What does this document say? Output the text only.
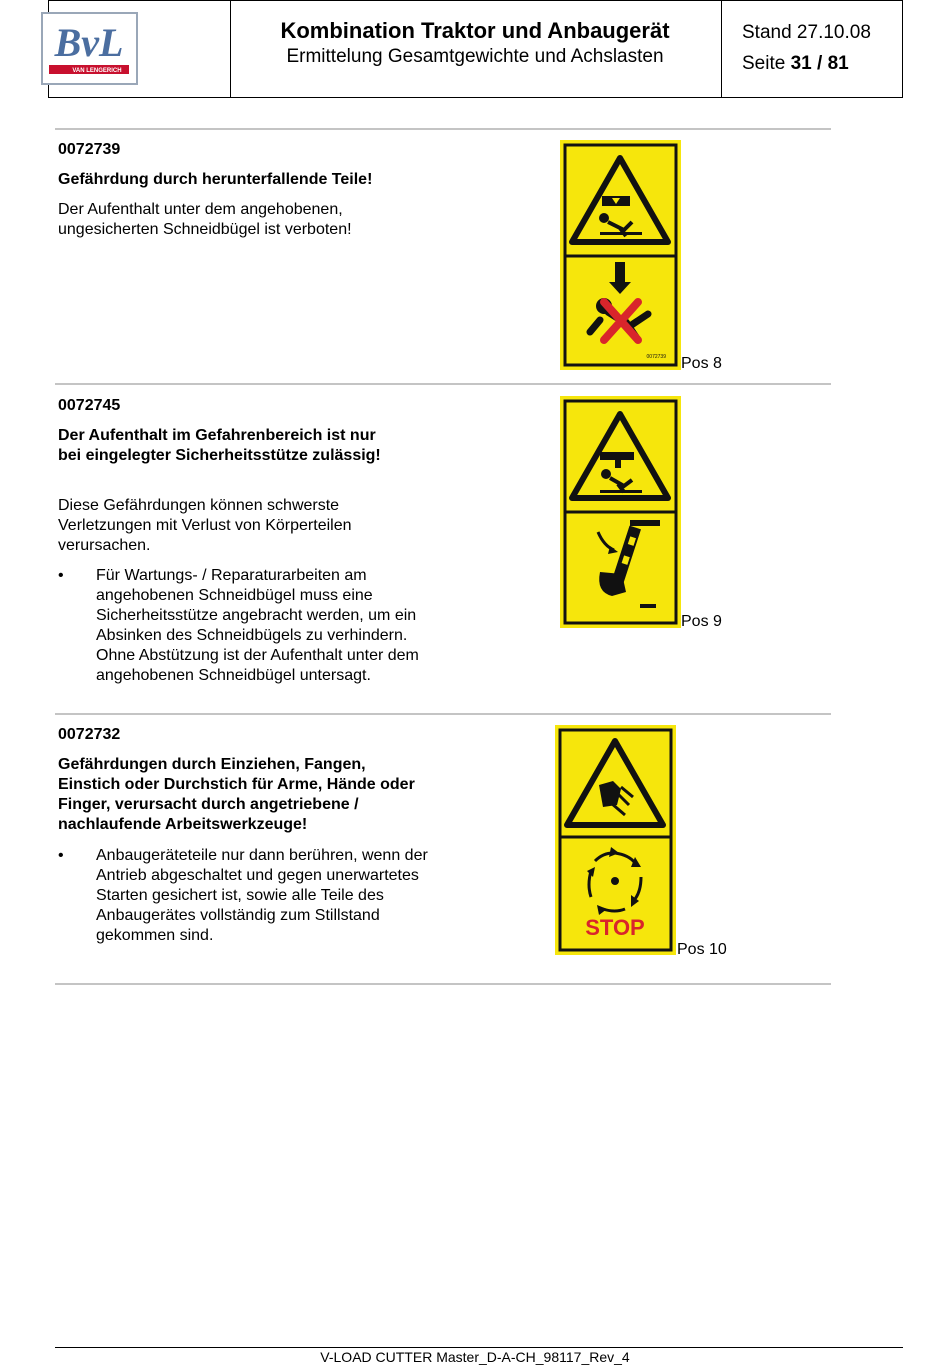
BvL
VAN LENGERICH
Kombination Traktor und Anbaugerät
Ermittelung Gesamtgewichte und Achslasten
Stand 27.10.08
Seite 31 / 81
0072739
Gefährdung durch herunterfallende Teile!
Der Aufenthalt unter dem angehobenen, ungesicherten Schneidbügel ist verboten!
0072739 Pos 8
0072745
Der Aufenthalt im Gefahrenbereich ist nur bei eingelegter Sicherheitsstütze zulässig!
Diese Gefährdungen können schwerste Verletzungen mit Verlust von Körperteilen verursachen.
• Für Wartungs- / Reparaturarbeiten am angehobenen Schneidbügel muss eine Sicherheitsstütze angebracht werden, um ein Absinken des Schneidbügels zu verhindern. Ohne Abstützung ist der Aufenthalt unter dem angehobenen Schneidbügel untersagt.
Pos 9
0072732
Gefährdungen durch Einziehen, Fangen, Einstich oder Durchstich für Arme, Hände oder Finger, verursacht durch angetriebene / nachlaufende Arbeitswerkzeuge!
• Anbaugeräteteile nur dann berühren, wenn der Antrieb abgeschaltet und gegen unerwartetes Starten gesichert ist, sowie alle Teile des Anbaugerätes vollständig zum Stillstand gekommen sind.	STOP
Pos 10
V-LOAD CUTTER Master_D-A-CH_98117_Rev_4
